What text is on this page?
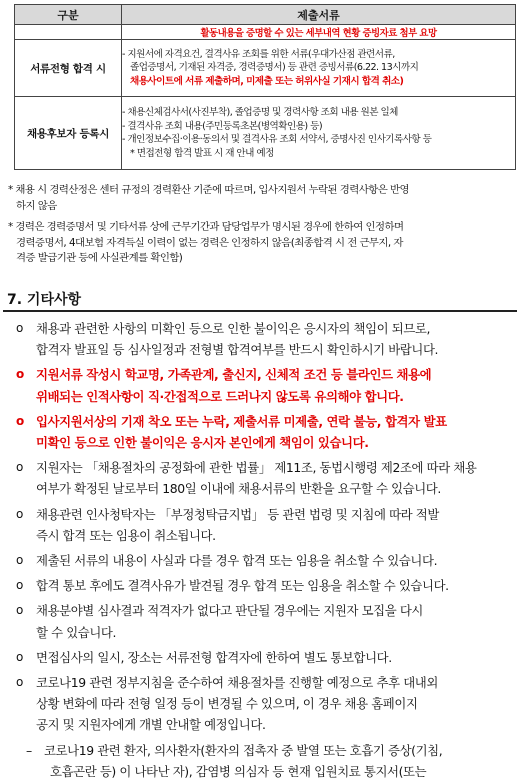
구분	제출서류
	활동내용을 증명할 수 있는 세부내역 현황 증빙자료 첨부 요망
서류전형 합격 시	- 지원서에 자격요건, 결격사유 조회를 위한 서류(우대가산점 관련서류,
졸업증명서, 기재된 자격증, 경력증명서) 등 관련 증빙서류(6.22. 13시까지
채용사이트에 서류 제출하며, 미제출 또는 허위사실 기재시 합격 취소)

채용후보자 등록시	- 채용신체검사서(사진부착), 졸업증명 및 경력사항 조회 내용 원본 일체
- 결격사유 조회 내용(주민등록초본(병역확인용) 등)
- 개인정보수집·이용·동의서 및 결격사유 조회 서약서, 증명사진 인사기록사항 등
* 면접전형 합격 발표 시 재 안내 예정
* 채용 시 경력산정은 센터 규정의 경력환산 기준에 따르며, 입사지원서 누락된 경력사항은 반영
하지 않음
* 경력은 경력증명서 및 기타서류 상에 근무기간과 담당업무가 명시된 경우에 한하여 인정하며
경력증명서, 4대보험 자격득실 이력이 없는 경력은 인정하지 않음(최종합격 시 전 근무지, 자
격증 발급기관 등에 사실관계를 확인함)
7. 기타사항
ο 채용과 관련한 사항의 미확인 등으로 인한 불이익은 응시자의 책임이 되므로,
합격자 발표일 등 심사일정과 전형별 합격여부를 반드시 확인하시기 바랍니다.
ο 지원서류 작성시 학교명, 가족관계, 출신지, 신체적 조건 등 블라인드 채용에
위배되는 인적사항이 직·간접적으로 드러나지 않도록 유의해야 합니다.
ο 입사지원서상의 기재 착오 또는 누락, 제출서류 미제출, 연락 불능, 합격자 발표
미확인 등으로 인한 불이익은 응시자 본인에게 책임이 있습니다.
ο 지원자는 「채용절차의 공정화에 관한 법률」 제11조, 동법시행령 제2조에 따라 채용
여부가 확정된 날로부터 180일 이내에 채용서류의 반환을 요구할 수 있습니다.
ο 채용관련 인사청탁자는 「부정청탁금지법」 등 관련 법령 및 지침에 따라 적발
즉시 합격 또는 임용이 취소됩니다.
ο 제출된 서류의 내용이 사실과 다를 경우 합격 또는 임용을 취소할 수 있습니다.
ο 합격 통보 후에도 결격사유가 발견될 경우 합격 또는 임용을 취소할 수 있습니다.
ο 채용분야별 심사결과 적격자가 없다고 판단될 경우에는 지원자 모집을 다시
할 수 있습니다.
ο 면접심사의 일시, 장소는 서류전형 합격자에 한하여 별도 통보합니다.
ο 코로나19 관련 정부지침을 준수하여 채용절차를 진행할 예정으로 추후 대내외
상황 변화에 따라 전형 일정 등이 변경될 수 있으며, 이 경우 채용 홈페이지
공지 및 지원자에게 개별 안내할 예정입니다.
– 코로나19 관련 환자, 의사환자(환자의 접촉자 중 발열 또는 호흡기 증상(기침,
호흡곤란 등) 이 나타난 자), 감염병 의심자 등 현재 입원치료 통지서(또는
